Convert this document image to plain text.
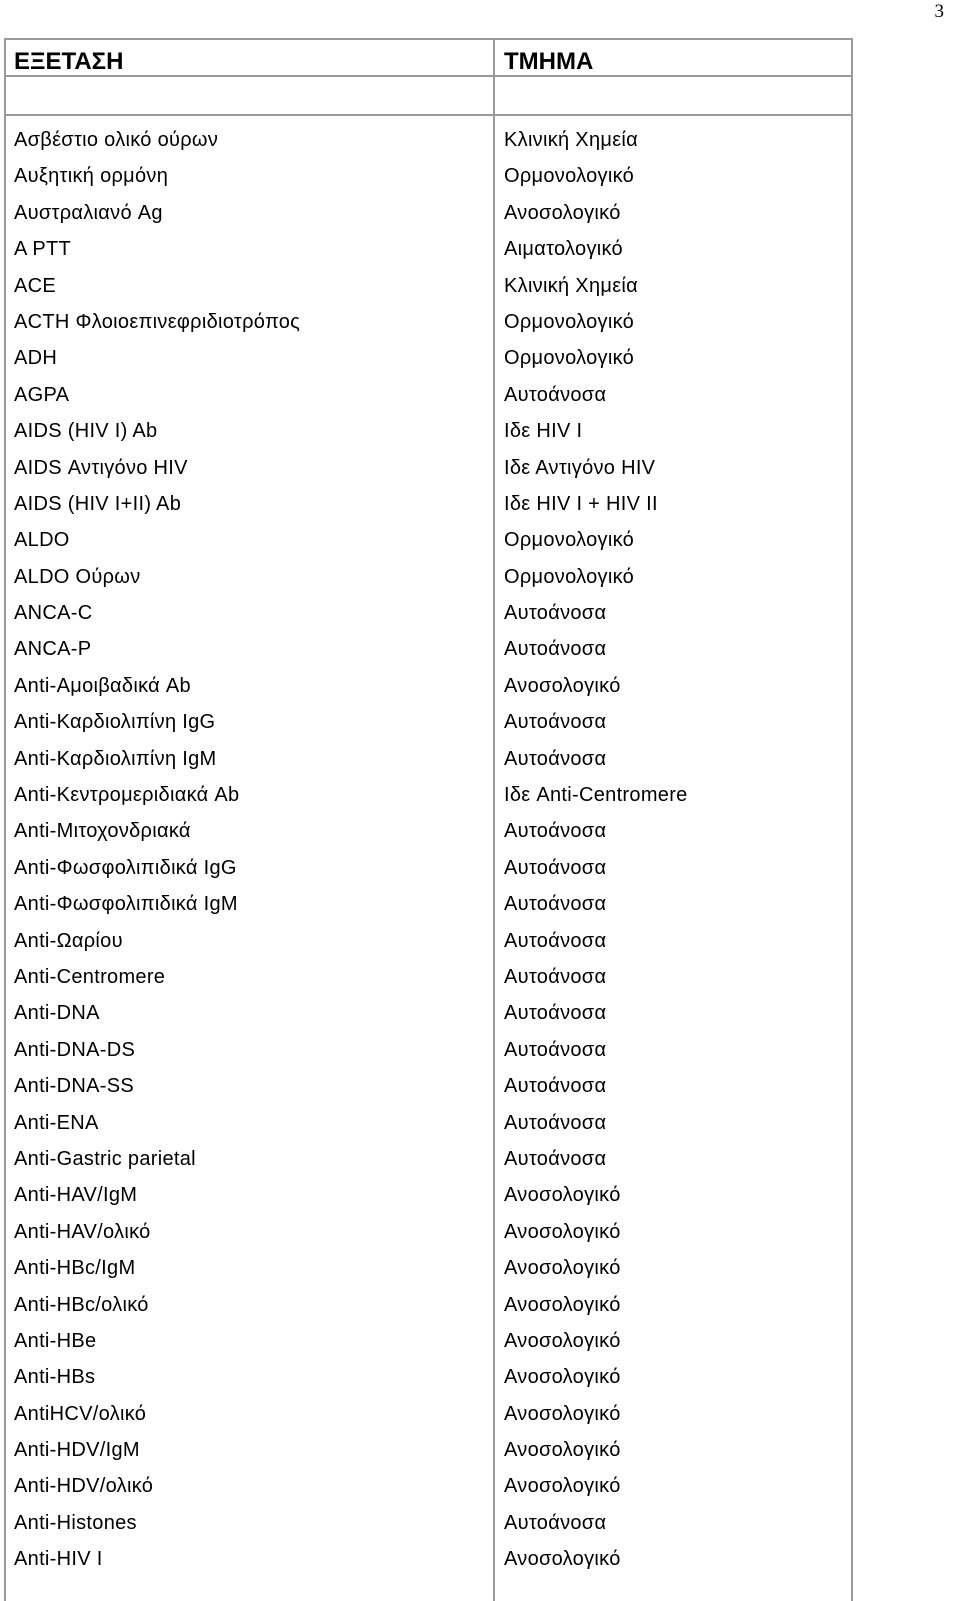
3
ΕΞΕΤΑΣΗ	ΤΜΗΜΑ
Ασβέστιο ολικό ούρων	Κλινική Χημεία
Αυξητική ορμόνη	Ορμονολογικό
Αυστραλιανό Ag	Ανοσολογικό
A PTT	Αιματολογικό
ACE	Κλινική Χημεία
ACTH Φλοιοεπινεφριδιοτρόπος	Ορμονολογικό
ADH	Ορμονολογικό
AGPA	Αυτοάνοσα
AIDS (HIV I) Ab	Ιδε HIV I
AIDS Αντιγόνο HIV	Ιδε Αντιγόνο HIV
AIDS (HIV I+II) Ab	Ιδε HIV I + HIV II
ALDO	Ορμονολογικό
ALDO Ούρων	Ορμονολογικό
ANCA-C	Αυτοάνοσα
ANCA-P	Αυτοάνοσα
Anti-Αμοιβαδικά Ab	Ανοσολογικό
Anti-Καρδιολιπίνη IgG	Αυτοάνοσα
Anti-Καρδιολιπίνη IgM	Αυτοάνοσα
Anti-Κεντρομεριδιακά Ab	Ιδε Anti-Centromere
Anti-Μιτοχονδριακά	Αυτοάνοσα
Anti-Φωσφολιπιδικά IgG	Αυτοάνοσα
Anti-Φωσφολιπιδικά IgM	Αυτοάνοσα
Anti-Ωαρίου	Αυτοάνοσα
Anti-Centromere	Αυτοάνοσα
Anti-DNA	Αυτοάνοσα
Anti-DNA-DS	Αυτοάνοσα
Anti-DNA-SS	Αυτοάνοσα
Anti-ENA	Αυτοάνοσα
Anti-Gastric parietal	Αυτοάνοσα
Anti-HAV/IgM	Ανοσολογικό
Anti-HAV/ολικό	Ανοσολογικό
Anti-HBc/IgM	Ανοσολογικό
Anti-HBc/ολικό	Ανοσολογικό
Anti-HBe	Ανοσολογικό
Anti-HBs	Ανοσολογικό
AntiHCV/ολικό	Ανοσολογικό
Anti-HDV/IgM	Ανοσολογικό
Anti-HDV/ολικό	Ανοσολογικό
Anti-Histones	Αυτοάνοσα
Anti-HIV I	Ανοσολογικό
